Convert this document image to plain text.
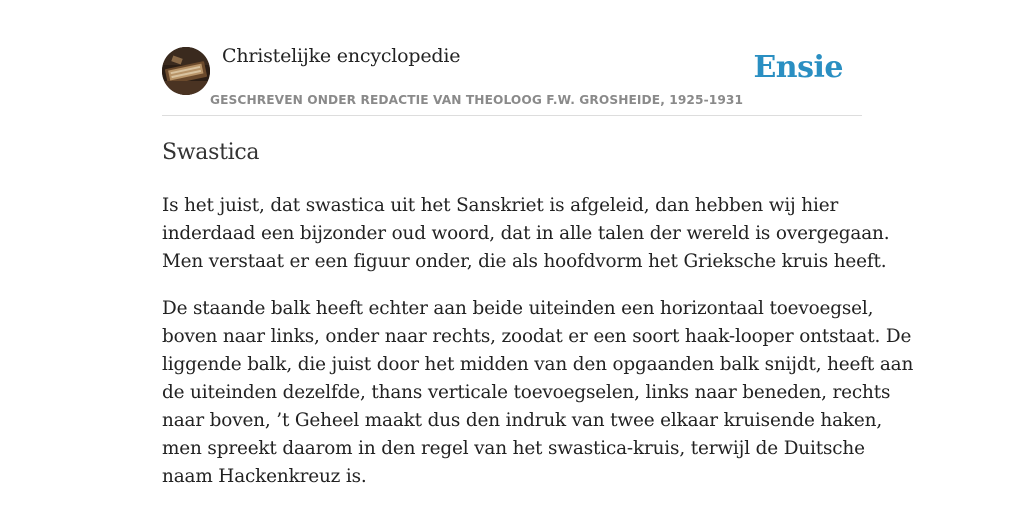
Christelijke encyclopedie
GESCHREVEN ONDER REDACTIE VAN THEOLOOG F.W. GROSHEIDE, 1925-1931
Ensie
Swastica

Is het juist, dat swastica uit het Sanskriet is afgeleid, dan hebben wij hier
inderdaad een bijzonder oud woord, dat in alle talen der wereld is overgegaan.
Men verstaat er een figuur onder, die als hoofdvorm het Grieksche kruis heeft.

De staande balk heeft echter aan beide uiteinden een horizontaal toevoegsel,
boven naar links, onder naar rechts, zoodat er een soort haak-looper ontstaat. De
liggende balk, die juist door het midden van den opgaanden balk snijdt, heeft aan
de uiteinden dezelfde, thans verticale toevoegselen, links naar beneden, rechts
naar boven, ’t Geheel maakt dus den indruk van twee elkaar kruisende haken,
men spreekt daarom in den regel van het swastica-kruis, terwijl de Duitsche
naam Hackenkreuz is.
